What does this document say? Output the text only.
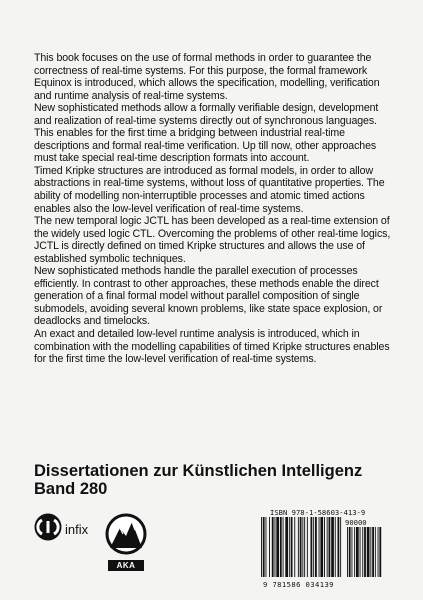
This book focuses on the use of formal methods in order to guarantee the correctness of real-time systems. For this purpose, the formal framework Equinox is introduced, which allows the specification, modelling, verification and runtime analysis of real-time systems.

New sophisticated methods allow a formally verifiable design, development and realization of real-time systems directly out of synchronous languages. This enables for the first time a bridging between industrial real-time descriptions and formal real-time verification. Up till now, other approaches must take special real-time description formats into account.

Timed Kripke structures are introduced as formal models, in order to allow abstractions in real-time systems, without loss of quantitative properties. The ability of modelling non-interruptible processes and atomic timed actions enables also the low-level verification of real-time systems.

The new temporal logic JCTL has been developed as a real-time extension of the widely used logic CTL. Overcoming the problems of other real-time logics, JCTL is directly defined on timed Kripke structures and allows the use of established symbolic techniques.

New sophisticated methods handle the parallel execution of processes efficiently. In contrast to other approaches, these methods enable the direct generation of a final formal model without parallel composition of single submodels, avoiding several known problems, like state space explosion, or deadlocks and timelocks.

An exact and detailed low-level runtime analysis is introduced, which in combination with the modelling capabilities of timed Kripke structures enables for the first time the low-level verification of real-time systems.

Dissertationen zur Künstlichen Intelligenz
Band 280
infix
AKA
ISBN 978-1-58603-413-9
90000
9 781586 034139
